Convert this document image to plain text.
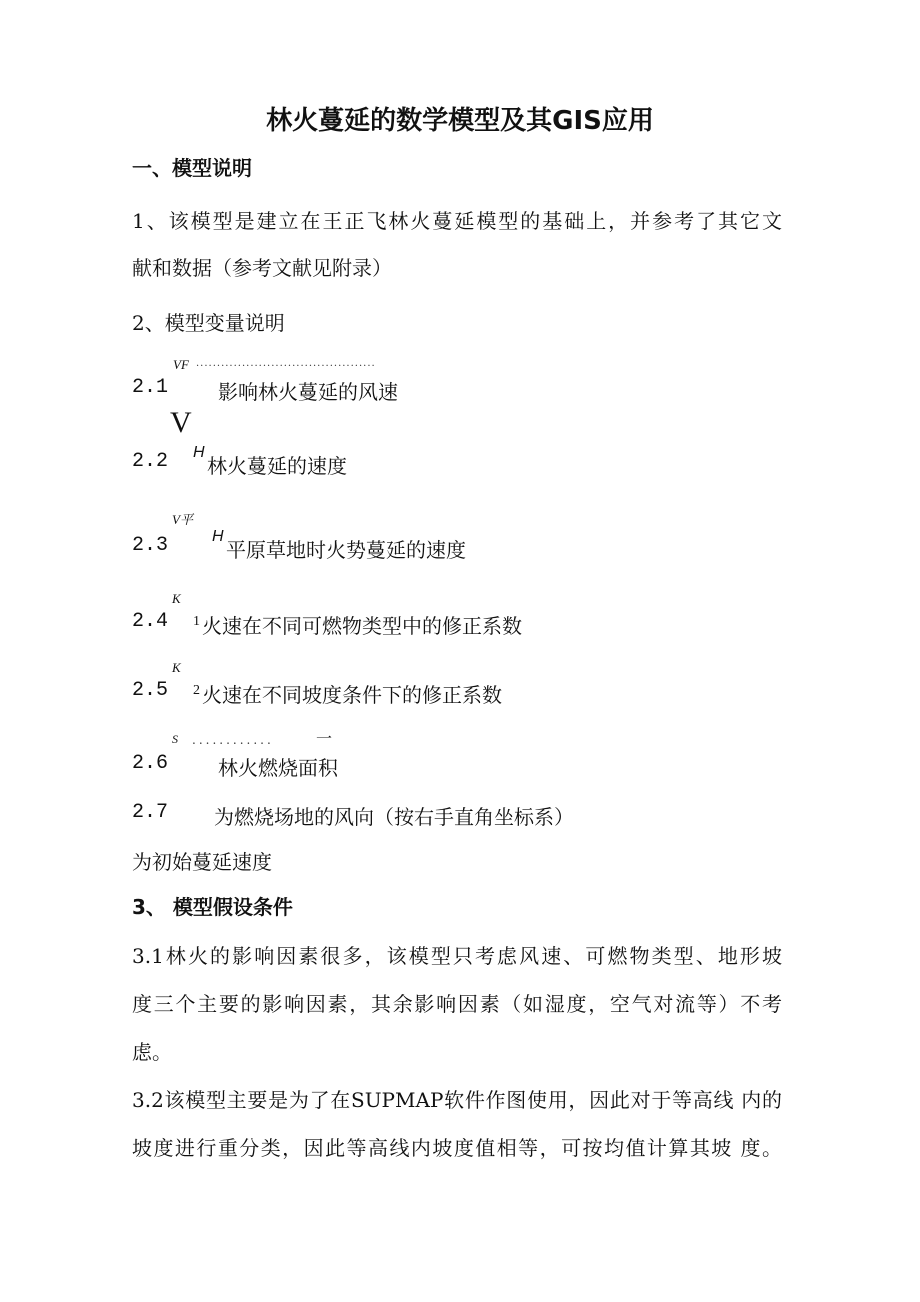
林火蔓延的数学模型及其GIS应用
一、模型说明
1、该模型是建立在王正飞林火蔓延模型的基础上，并参考了其它文
献和数据（参考文献见附录）
2、模型变量说明
VF ...........................................
2.1 影响林火蔓延的风速
V
H
2.2 林火蔓延的速度
V平
H
2.3	平原草地时火势蔓延的速度
K
2.4 1 火速在不同可燃物类型中的修正系数
K
2.5 2 火速在不同坡度条件下的修正系数
S ............	一
2.6 林火燃烧面积
2.7 为燃烧场地的风向（按右手直角坐标系）
为初始蔓延速度
3、 模型假设条件
3.1林火的影响因素很多，该模型只考虑风速、可燃物类型、地形坡
度三个主要的影响因素，其余影响因素（如湿度，空气对流等）不考
虑。
3.2该模型主要是为了在SUPMAP软件作图使用，因此对于等高线 内的
坡度进行重分类，因此等高线内坡度值相等，可按均值计算其坡 度。
